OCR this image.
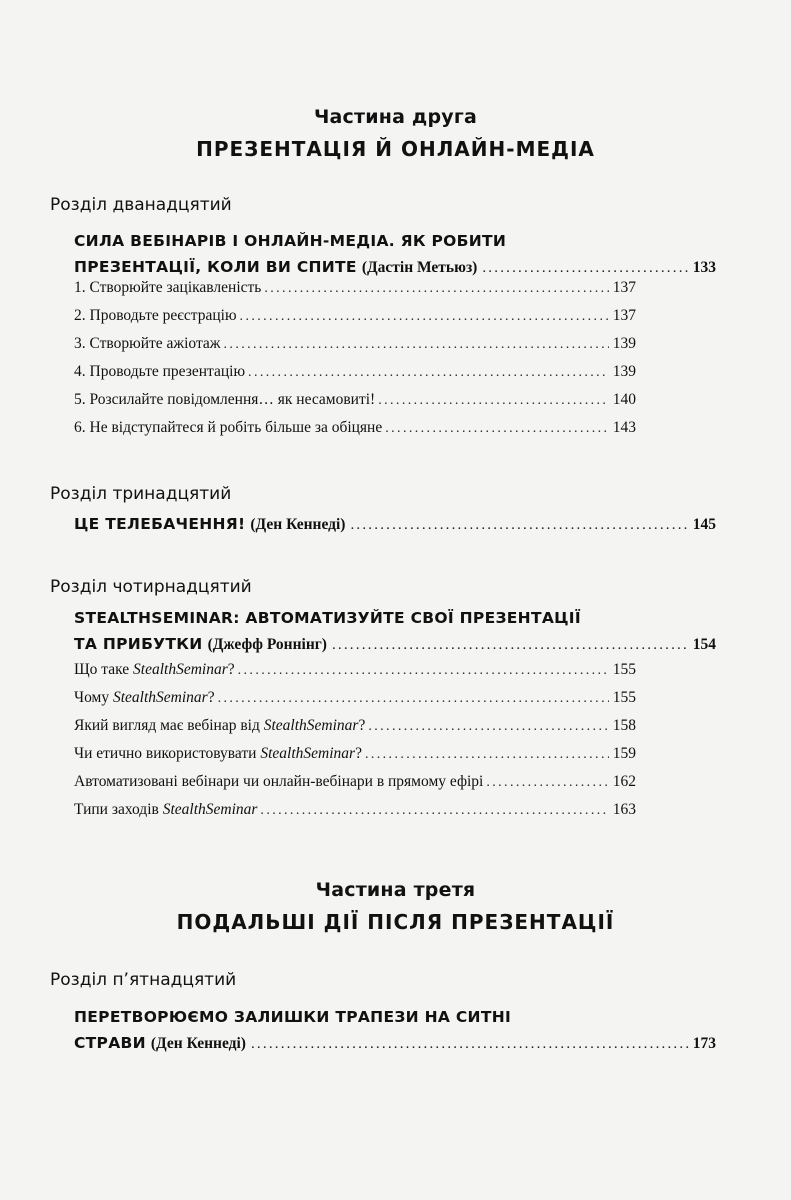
Частина друга
ПРЕЗЕНТАЦІЯ Й ОНЛАЙН-МЕДІА
Розділ дванадцятий
СИЛА ВЕБІНАРІВ І ОНЛАЙН-МЕДІА. ЯК РОБИТИ
ПРЕЗЕНТАЦІЇ, КОЛИ ВИ СПИТЕ (Дастін Метьюз) .....	133
1. Створюйте зацікавленість .....	137
2. Проводьте реєстрацію .....	137
3. Створюйте ажіотаж .....	139
4. Проводьте презентацію .....	139
5. Розсилайте повідомлення… як несамовиті! .....	140
6. Не відступайтеся й робіть більше за обіцяне .....	143
Розділ тринадцятий
ЦЕ ТЕЛЕБАЧЕННЯ! (Ден Кеннеді) .....	145
Розділ чотирнадцятий
STEALTHSEMINAR: АВТОМАТИЗУЙТЕ СВОЇ ПРЕЗЕНТАЦІЇ
ТА ПРИБУТКИ (Джефф Роннінг) .....	154
Що таке StealthSeminar? .....	155
Чому StealthSeminar? .....	155
Який вигляд має вебінар від StealthSeminar? .....	158
Чи етично використовувати StealthSeminar? .....	159
Автоматизовані вебінари чи онлайн-вебінари в прямому ефірі .....	162
Типи заходів StealthSeminar .....	163
Частина третя
ПОДАЛЬШІ ДІЇ ПІСЛЯ ПРЕЗЕНТАЦІЇ
Розділ п’ятнадцятий
ПЕРЕТВОРЮЄМО ЗАЛИШКИ ТРАПЕЗИ НА СИТНІ
СТРАВИ (Ден Кеннеді) .....	173
